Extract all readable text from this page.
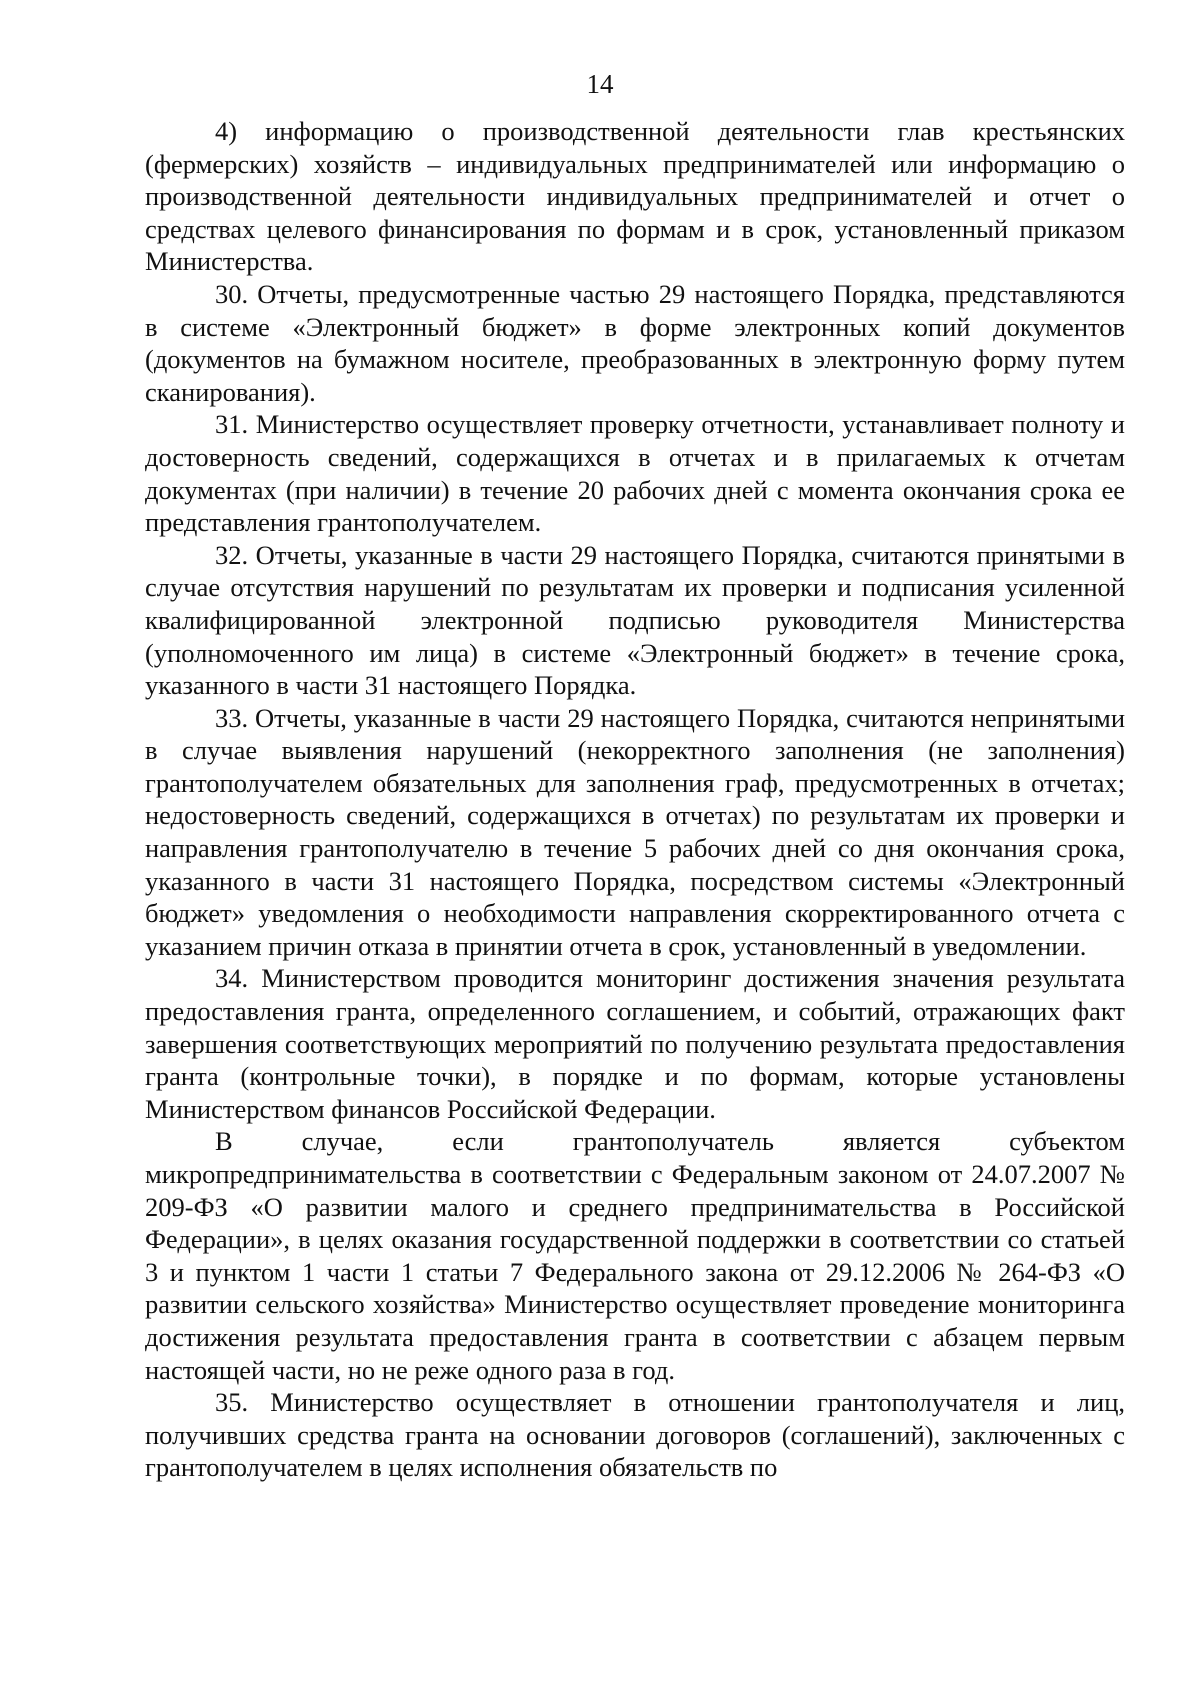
14

4) информацию о производственной деятельности глав крестьянских (фермерских) хозяйств – индивидуальных предпринимателей или информацию о производственной деятельности индивидуальных предпринимателей и отчет о средствах целевого финансирования по формам и в срок, установленный приказом Министерства.

30. Отчеты, предусмотренные частью 29 настоящего Порядка, представляются в системе «Электронный бюджет» в форме электронных копий документов (документов на бумажном носителе, преобразованных в электронную форму путем сканирования).

31. Министерство осуществляет проверку отчетности, устанавливает полноту и достоверность сведений, содержащихся в отчетах и в прилагаемых к отчетам документах (при наличии) в течение 20 рабочих дней с момента окончания срока ее представления грантополучателем.

32. Отчеты, указанные в части 29 настоящего Порядка, считаются принятыми в случае отсутствия нарушений по результатам их проверки и подписания усиленной квалифицированной электронной подписью руководителя Министерства (уполномоченного им лица) в системе «Электронный бюджет» в течение срока, указанного в части 31 настоящего Порядка.

33. Отчеты, указанные в части 29 настоящего Порядка, считаются непринятыми в случае выявления нарушений (некорректного заполнения (не заполнения) грантополучателем обязательных для заполнения граф, предусмотренных в отчетах; недостоверность сведений, содержащихся в отчетах) по результатам их проверки и направления грантополучателю в течение 5 рабочих дней со дня окончания срока, указанного в части 31 настоящего Порядка, посредством системы «Электронный бюджет» уведомления о необходимости направления скорректированного отчета с указанием причин отказа в принятии отчета в срок, установленный в уведомлении.

34. Министерством проводится мониторинг достижения значения результата предоставления гранта, определенного соглашением, и событий, отражающих факт завершения соответствующих мероприятий по получению результата предоставления гранта (контрольные точки), в порядке и по формам, которые установлены Министерством финансов Российской Федерации.

В случае, если грантополучатель является субъектом микропредпринимательства в соответствии с Федеральным законом от 24.07.2007 № 209-ФЗ «О развитии малого и среднего предпринимательства в Российской Федерации», в целях оказания государственной поддержки в соответствии со статьей 3 и пунктом 1 части 1 статьи 7 Федерального закона от 29.12.2006 № 264-ФЗ «О развитии сельского хозяйства» Министерство осуществляет проведение мониторинга достижения результата предоставления гранта в соответствии с абзацем первым настоящей части, но не реже одного раза в год.

35. Министерство осуществляет в отношении грантополучателя и лиц, получивших средства гранта на основании договоров (соглашений), заключенных с грантополучателем в целях исполнения обязательств по
